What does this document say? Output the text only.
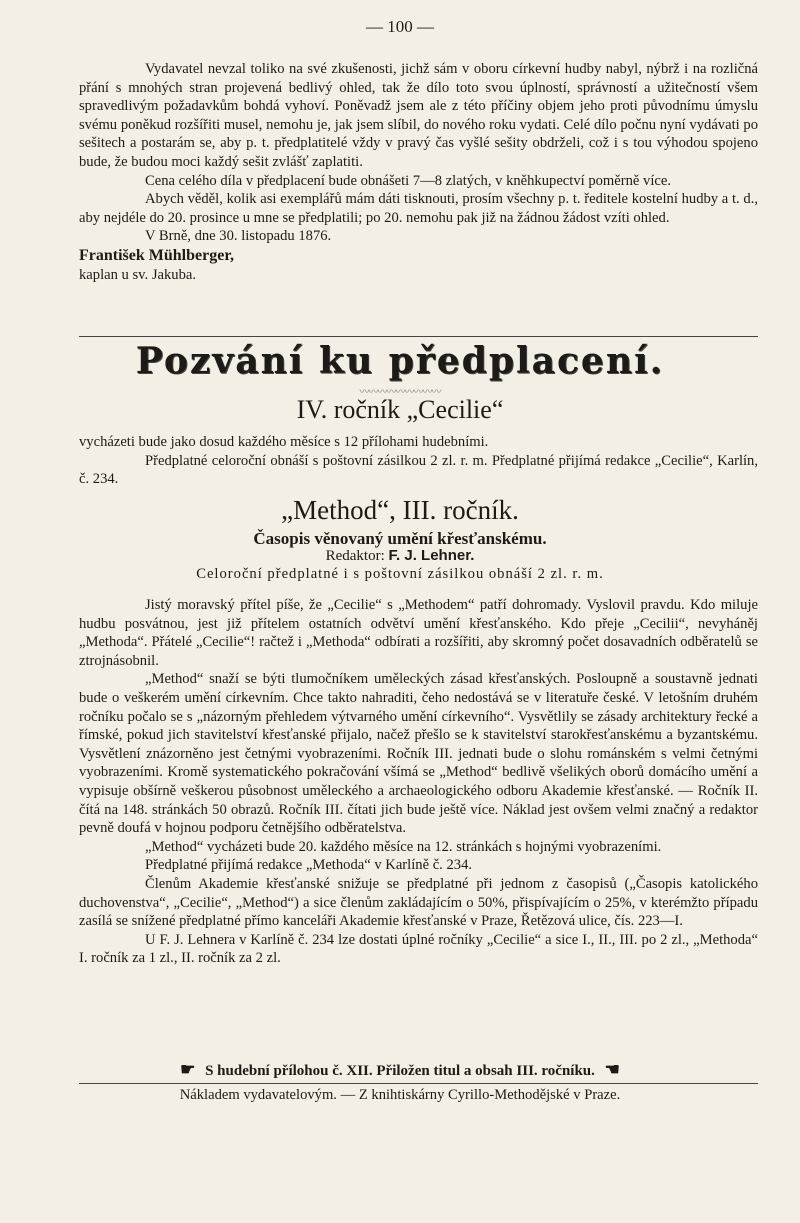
— 100 —

Vydavatel nevzal toliko na své zkušenosti, jichž sám v oboru církevní hudby nabyl, nýbrž i na rozličná přání s mnohých stran projevená bedlivý ohled, tak že dílo toto svou úplností, správností a užitečností všem spravedlivým požadavkům bohdá vyhoví. Poněvadž jsem ale z této příčiny objem jeho proti původnímu úmyslu svému poněkud rozšířiti musel, nemohu je, jak jsem slíbil, do nového roku vydati. Celé dílo počnu nyní vydávati po sešitech a postarám se, aby p. t. předplatitelé vždy v pravý čas vyšlé sešity obdrželi, což i s tou výhodou spojeno bude, že budou moci každý sešit zvlášť zaplatiti.

Cena celého díla v předplacení bude obnášeti 7—8 zlatých, v kněhkupectví poměrně více.

Abych věděl, kolik asi exemplářů mám dáti tisknouti, prosím všechny p. t. ředitele kostelní hudby a t. d., aby nejdéle do 20. prosince u mne se předplatili; po 20. nemohu pak již na žádnou žádost vzíti ohled.

V Brně, dne 30. listopadu 1876.

František Mühlberger,

kaplan u sv. Jakuba.

Pozvání ku předplacení.
〰〰〰〰〰〰〰〰〰
IV. ročník „Cecilie“

vycházeti bude jako dosud každého měsíce s 12 přílohami hudebními.

Předplatné celoroční obnáší s poštovní zásilkou 2 zl. r. m. Předplatné přijímá redakce „Cecilie“, Karlín, č. 234.

„Method“, III. ročník.
Časopis věnovaný umění křesťanskému.
Redaktor: F. J. Lehner.
Celoroční předplatné i s poštovní zásilkou obnáší 2 zl. r. m.

Jistý moravský přítel píše, že „Cecilie“ s „Methodem“ patří dohromady. Vyslovil pravdu. Kdo miluje hudbu posvátnou, jest již přítelem ostatních odvětví umění křesťanského. Kdo přeje „Cecilii“, nevyháněj „Methoda“. Přátelé „Cecilie“! račtež i „Methoda“ odbírati a rozšířiti, aby skromný počet dosavadních odběratelů se ztrojnásobnil.

„Method“ snaží se býti tlumočníkem uměleckých zásad křesťanských. Posloupně a soustavně jednati bude o veškerém umění církevním. Chce takto nahraditi, čeho nedostává se v literatuře české. V letošním druhém ročníku počalo se s „názorným přehledem výtvarného umění církevního“. Vysvětlily se zásady architektury řecké a římské, pokud jich stavitelství křesťanské přijalo, načež přešlo se k stavitelství starokřesťanskému a byzantskému. Vysvětlení znázorněno jest četnými vyobrazeními. Ročník III. jednati bude o slohu románském s velmi četnými vyobrazeními. Kromě systematického pokračování všímá se „Method“ bedlivě všelikých oborů domácího umění a vypisuje obšírně veškerou působnost uměleckého a archaeologického odboru Akademie křesťanské. — Ročník II. čítá na 148. stránkách 50 obrazů. Ročník III. čítati jich bude ještě více. Náklad jest ovšem velmi značný a redaktor pevně doufá v hojnou podporu četnějšího odběratelstva.

„Method“ vycházeti bude 20. každého měsíce na 12. stránkách s hojnými vyobrazeními.

Předplatné přijímá redakce „Methoda“ v Karlíně č. 234.

Členům Akademie křesťanské snižuje se předplatné při jednom z časopisů („Časopis katolického duchovenstva“, „Cecilie“, „Method“) a sice členům zakládajícím o 50%, přispívajícím o 25%, v kterémžto případu zasílá se snížené předplatné přímo kanceláři Akademie křesťanské v Praze, Řetězová ulice, čís. 223—I.

U F. J. Lehnera v Karlíně č. 234 lze dostati úplné ročníky „Cecilie“ a sice I., II., III. po 2 zl., „Methoda“ I. ročník za 1 zl., II. ročník za 2 zl.

☛ S hudební přílohou č. XII. Přiložen titul a obsah III. ročníku. ☚
Nákladem vydavatelovým. — Z knihtiskárny Cyrillo-Methodějské v Praze.
